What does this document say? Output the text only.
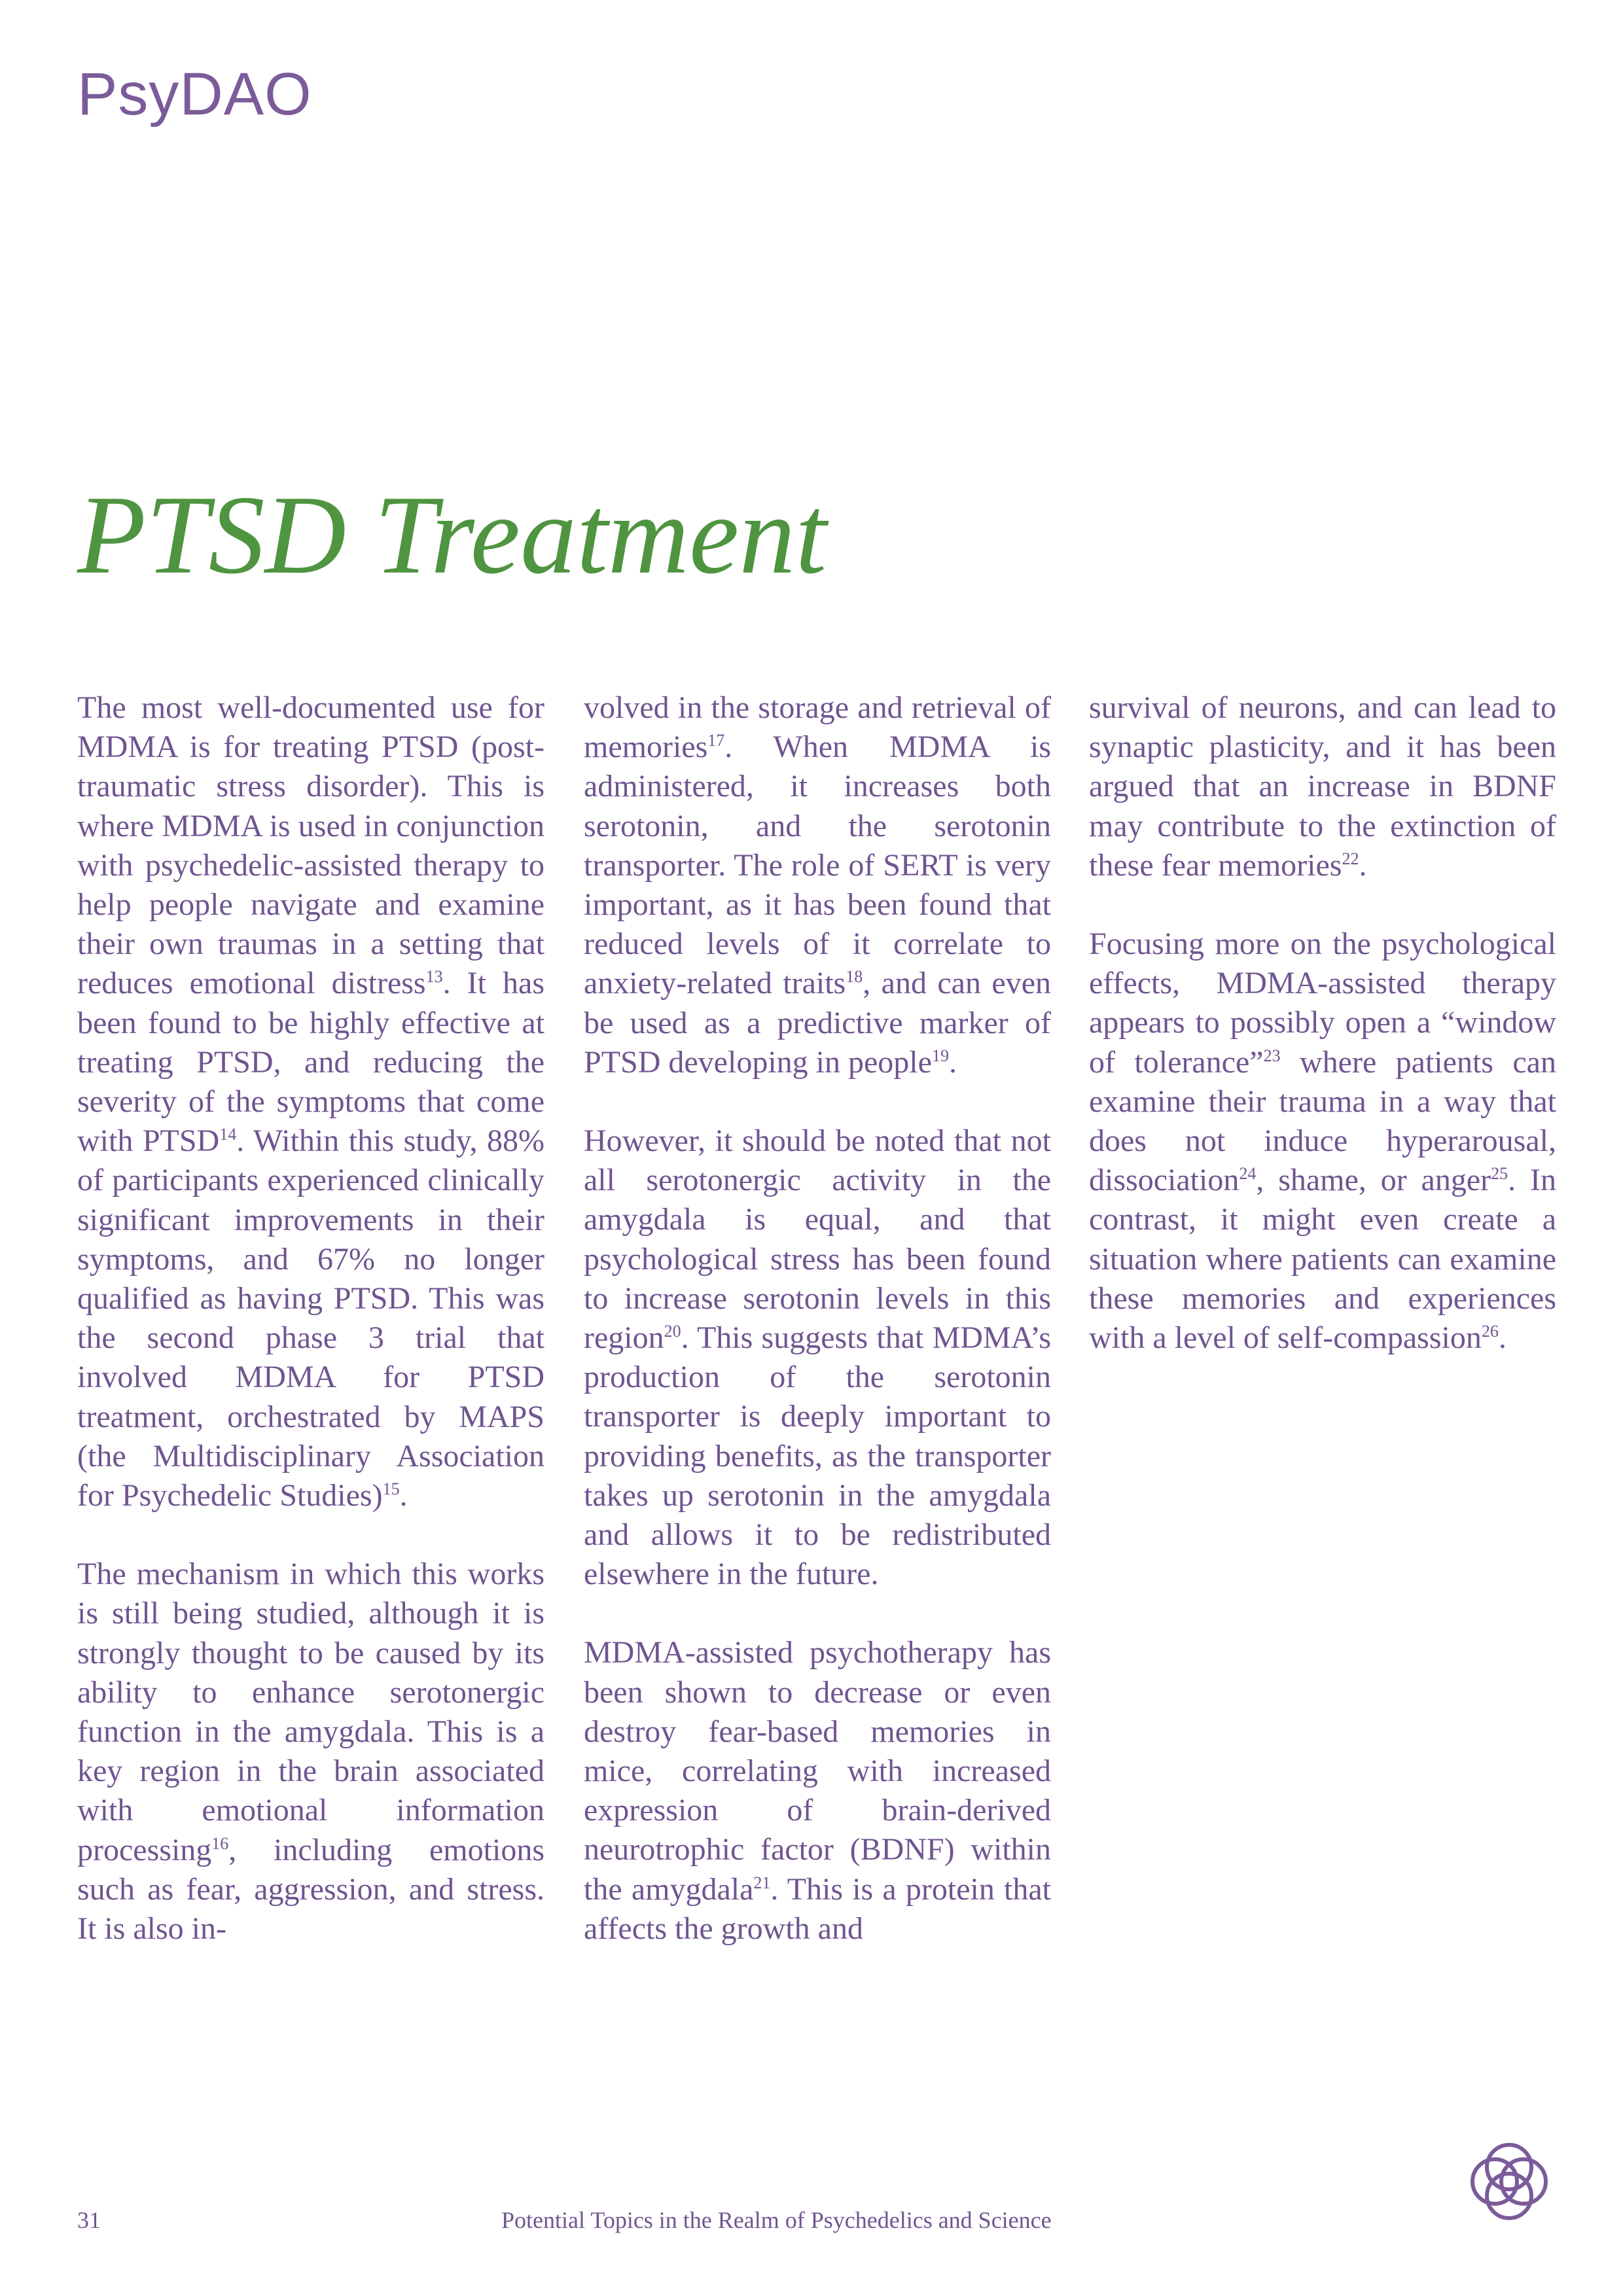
PsyDAO
PTSD Treatment

The most well-documented use for MDMA is for treating PTSD (post-traumatic stress disorder). This is where MDMA is used in conjunction with psychedelic-assisted therapy to help people navigate and examine their own traumas in a setting that reduces emotional distress$^{13}$. It has been found to be highly effective at treating PTSD, and reducing the severity of the symptoms that come with PTSD$^{14}$. Within this study, 88% of participants experienced clinically significant improvements in their symptoms, and 67% no longer qualified as having PTSD. This was the second phase 3 trial that involved MDMA for PTSD treatment, orchestrated by MAPS (the Multidisciplinary Association for Psychedelic Studies)$^{15}$.

The mechanism in which this works is still being studied, although it is strongly thought to be caused by its ability to enhance serotonergic function in the amygdala. This is a key region in the brain associated with emotional information processing$^{16}$, including emotions such as fear, aggression, and stress. It is also in-

volved in the storage and retrieval of memories$^{17}$. When MDMA is administered, it increases both serotonin, and the serotonin transporter. The role of SERT is very important, as it has been found that reduced levels of it correlate to anxiety-related traits$^{18}$, and can even be used as a predictive marker of PTSD developing in people$^{19}$.

However, it should be noted that not all serotonergic activity in the amygdala is equal, and that psychological stress has been found to increase serotonin levels in this region$^{20}$. This suggests that MDMA’s production of the serotonin transporter is deeply important to providing benefits, as the transporter takes up serotonin in the amygdala and allows it to be redistributed elsewhere in the future.

MDMA-assisted psychotherapy has been shown to decrease or even destroy fear-based memories in mice, correlating with increased expression of brain-derived neurotrophic factor (BDNF) within the amygdala$^{21}$. This is a protein that affects the growth and

survival of neurons, and can lead to synaptic plasticity, and it has been argued that an increase in BDNF may contribute to the extinction of these fear memories$^{22}$.

Focusing more on the psychological effects, MDMA-assisted therapy appears to possibly open a “window of tolerance”$^{23}$ where patients can examine their trauma in a way that does not induce hyperarousal, dissociation$^{24}$, shame, or anger$^{25}$. In contrast, it might even create a situation where patients can examine these memories and experiences with a level of self-compassion$^{26}$.

31	Potential Topics in the Realm of Psychedelics and Science
